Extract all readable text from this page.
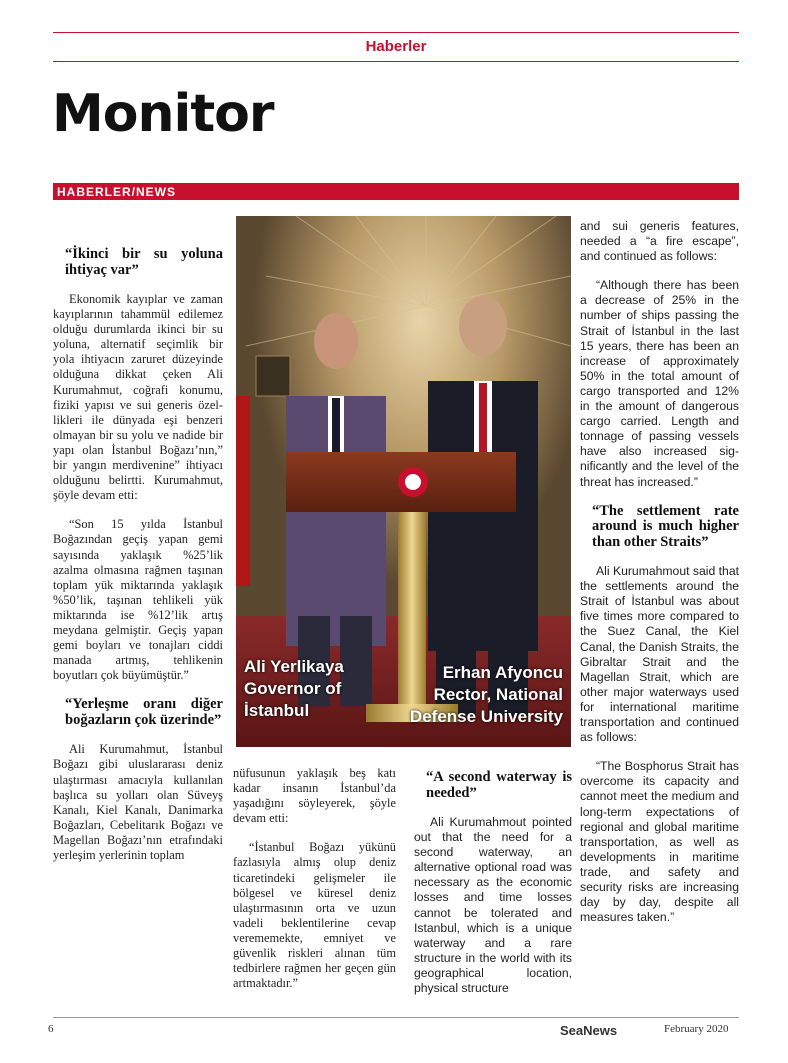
Haberler
Monitor
HABERLER/NEWS
“İkinci bir su yoluna ihtiyaç var”

Ekonomik kayıplar ve zaman kayıplarının tahammül edilemez olduğu durumlarda ikinci bir su yoluna, alternatif seçimlik bir yola ihtiyacın zaruret düzeyinde olduğuna dikkat çeken Ali Kurumahmut, coğrafi konumu, fiziki yapısı ve sui generis özellikleri ile dünyada eşi benzeri olmayan bir su yolu ve nadide bir yapı olan İstanbul Boğazı’nın,” bir yangın merdivenine” ihtiyacı olduğunu belirtti. Kurumahmut, şöyle devam etti:

“Son 15 yılda İstanbul Boğazından geçiş yapan gemi sayısında yaklaşık %25’lik azalma olmasına rağmen taşınan toplam yük miktarında yaklaşık %50’lik, taşınan tehlikeli yük miktarında ise %12’lik artış meydana gelmiştir. Geçiş yapan gemi boyları ve tonajları ciddi manada artmış, tehlikenin boyutları çok büyümüştür.”

“Yerleşme oranı diğer boğazların çok üzerinde”

Ali Kurumahmut, İstanbul Boğazı gibi uluslararası deniz ulaştırması amacıyla kullanılan başlıca su yolları olan Süveyş Kanalı, Kiel Kanalı, Danimarka Boğazları, Cebelitarık Boğazı ve Magellan Boğazı’nın etrafındaki yerleşim yerlerinin toplam

Ali Yerlikaya
Governor of
İstanbul
Erhan Afyoncu
Rector, National
Defense University

nüfusunun yaklaşık beş katı kadar insanın İstanbul’da yaşadığını söyleyerek, şöyle devam etti:

“İstanbul Boğazı yükünü fazlasıyla almış olup deniz ticaretindeki gelişmeler ile bölgesel ve küresel deniz ulaştırmasının orta ve uzun vadeli beklentilerine cevap verememekte, emniyet ve güvenlik riskleri alınan tüm tedbirlere rağmen her geçen gün artmaktadır.”

“A second waterway is needed”

Ali Kurumahmout pointed out that the need for a second waterway, an alternative optional road was necessary as the economic losses and time losses cannot be tolerated and Istanbul, which is a unique waterway and a rare structure in the world with its geographical location, physical structure

and sui generis features, needed a “a fire escape”, and continued as follows:

“Although there has been a decrease of 25% in the number of ships passing the Strait of İstanbul in the last 15 years, there has been an increase of approximately 50% in the total amount of cargo transported and 12% in the amount of dangerous cargo carried. Length and tonnage of passing vessels have also increased significantly and the level of the threat has increased.”

“The settlement rate around is much higher than other Straits”

Ali Kurumahmout said that the settlements around the Strait of İstanbul was about five times more compared to the Suez Canal, the Kiel Canal, the Danish Straits, the Gibraltar Strait and the Magellan Strait, which are other major waterways used for international maritime transportation and continued as follows:

“The Bosphorus Strait has overcome its capacity and cannot meet the medium and long-term expectations of regional and global maritime transportation, as well as developments in maritime trade, and safety and security risks are increasing day by day, despite all measures taken.”

6	SeaNews	February 2020
